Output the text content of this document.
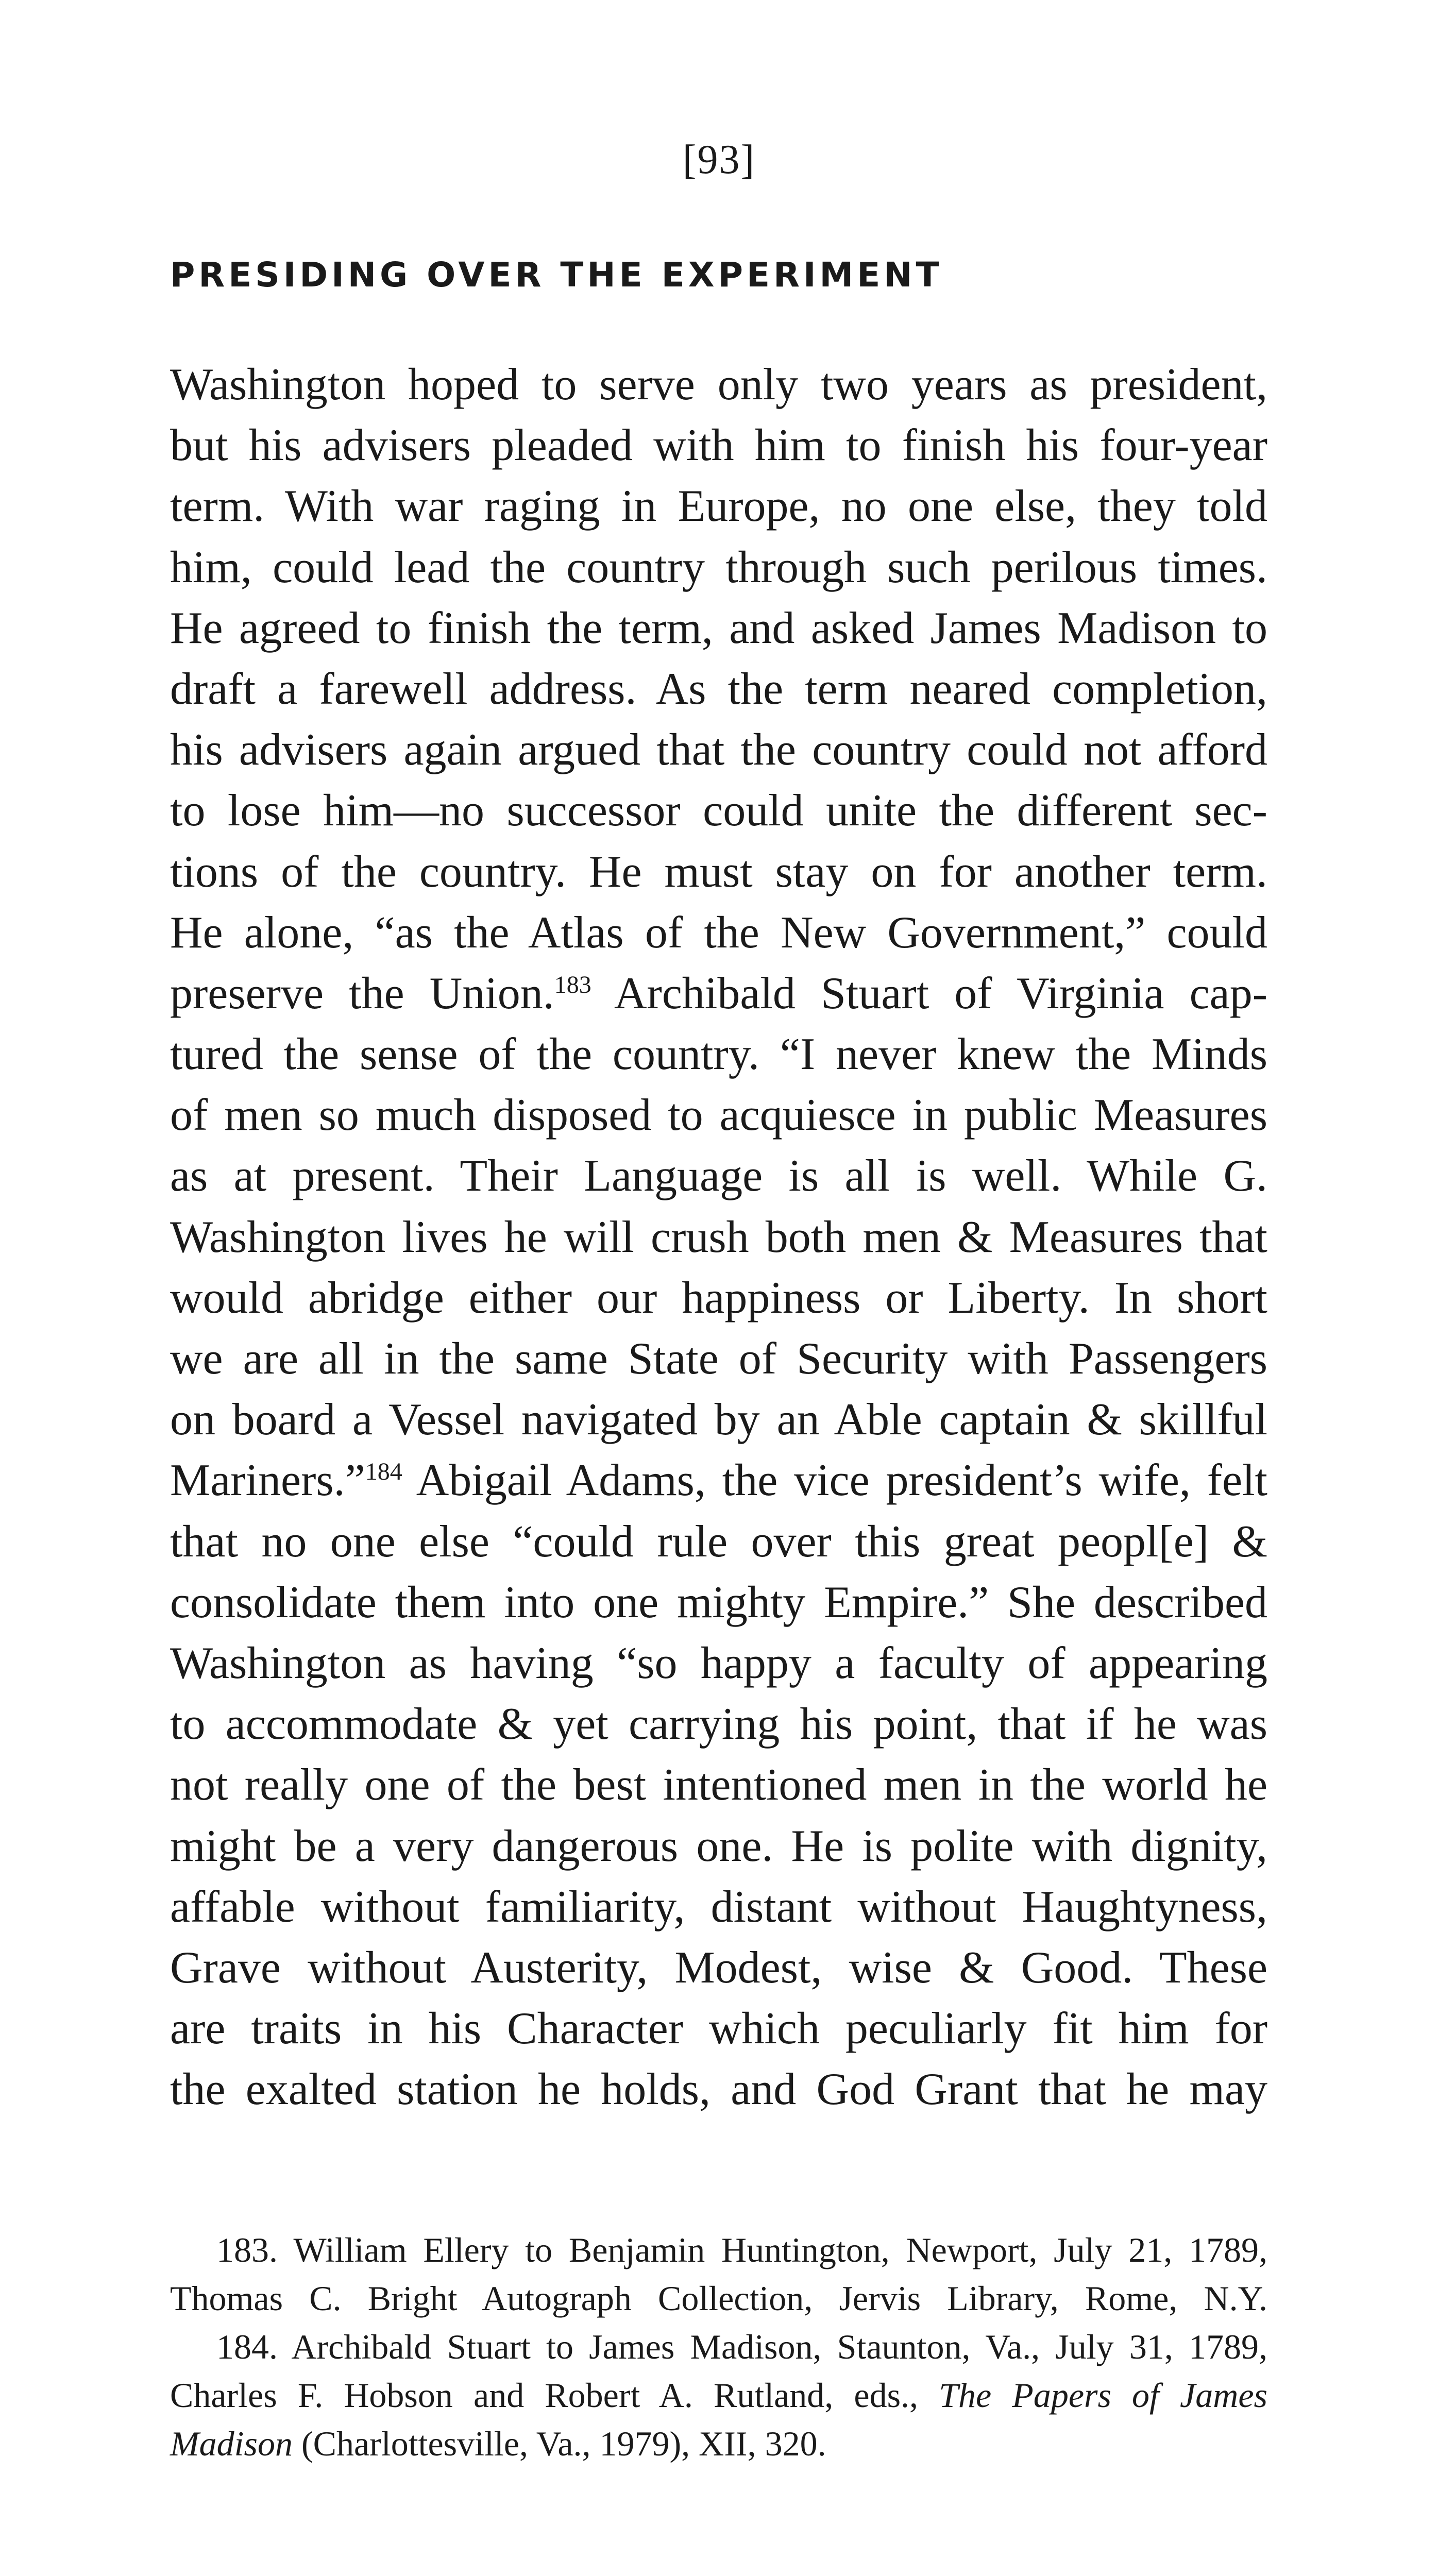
[93]
PRESIDING OVER THE EXPERIMENT
Washington hoped to serve only two years as president,
but his advisers pleaded with him to finish his four-year
term. With war raging in Europe, no one else, they told
him, could lead the country through such perilous times.
He agreed to finish the term, and asked James Madison to
draft a farewell address. As the term neared completion,
his advisers again argued that the country could not afford
to lose him—no successor could unite the different sec-
tions of the country. He must stay on for another term.
He alone, “as the Atlas of the New Government,” could
preserve the Union.$^{183}$ Archibald Stuart of Virginia cap-
tured the sense of the country. “I never knew the Minds
of men so much disposed to acquiesce in public Measures
as at present. Their Language is all is well. While G.
Washington lives he will crush both men & Measures that
would abridge either our happiness or Liberty. In short
we are all in the same State of Security with Passengers
on board a Vessel navigated by an Able captain & skillful
Mariners.”$^{184}$ Abigail Adams, the vice president’s wife, felt
that no one else “could rule over this great peopl[e] &
consolidate them into one mighty Empire.” She described
Washington as having “so happy a faculty of appearing
to accommodate & yet carrying his point, that if he was
not really one of the best intentioned men in the world he
might be a very dangerous one. He is polite with dignity,
affable without familiarity, distant without Haughtyness,
Grave without Austerity, Modest, wise & Good. These
are traits in his Character which peculiarly fit him for
the exalted station he holds, and God Grant that he may
183. William Ellery to Benjamin Huntington, Newport, July 21, 1789,
Thomas C. Bright Autograph Collection, Jervis Library, Rome, N.Y.
184. Archibald Stuart to James Madison, Staunton, Va., July 31, 1789,
Charles F. Hobson and Robert A. Rutland, eds., The Papers of James
Madison (Charlottesville, Va., 1979), XII, 320.
